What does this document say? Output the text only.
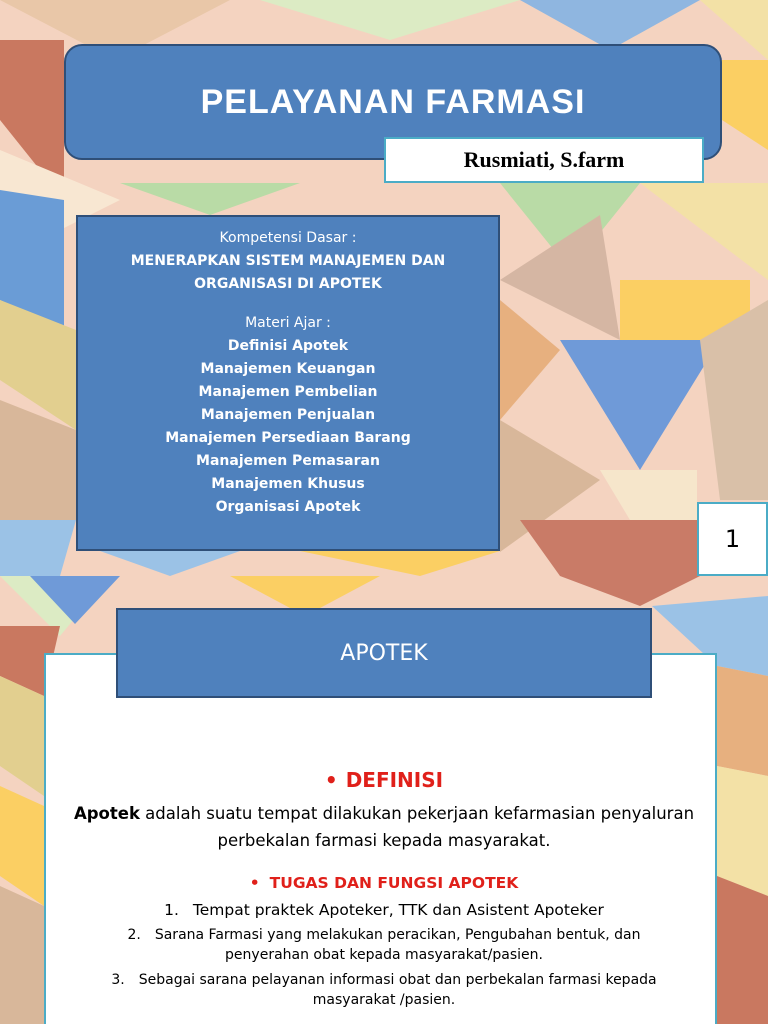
PELAYANAN FARMASI
Rusmiati, S.farm
Kompetensi Dasar :
MENERAPKAN SISTEM MANAJEMEN DAN
ORGANISASI DI APOTEK
Materi Ajar :
Definisi Apotek
Manajemen Keuangan
Manajemen Pembelian
Manajemen Penjualan
Manajemen Persediaan Barang
Manajemen Pemasaran
Manajemen Khusus
Organisasi Apotek
1
APOTEK
• DEFINISI
Apotek adalah suatu tempat dilakukan pekerjaan kefarmasian penyaluran
perbekalan farmasi kepada masyarakat.
• TUGAS DAN FUNGSI APOTEK
1. Tempat praktek Apoteker, TTK dan Asistent Apoteker
2. Sarana Farmasi yang melakukan peracikan, Pengubahan bentuk, dan
penyerahan obat kepada masyarakat/pasien.
3. Sebagai sarana pelayanan informasi obat dan perbekalan farmasi kepada
masyarakat /pasien.
